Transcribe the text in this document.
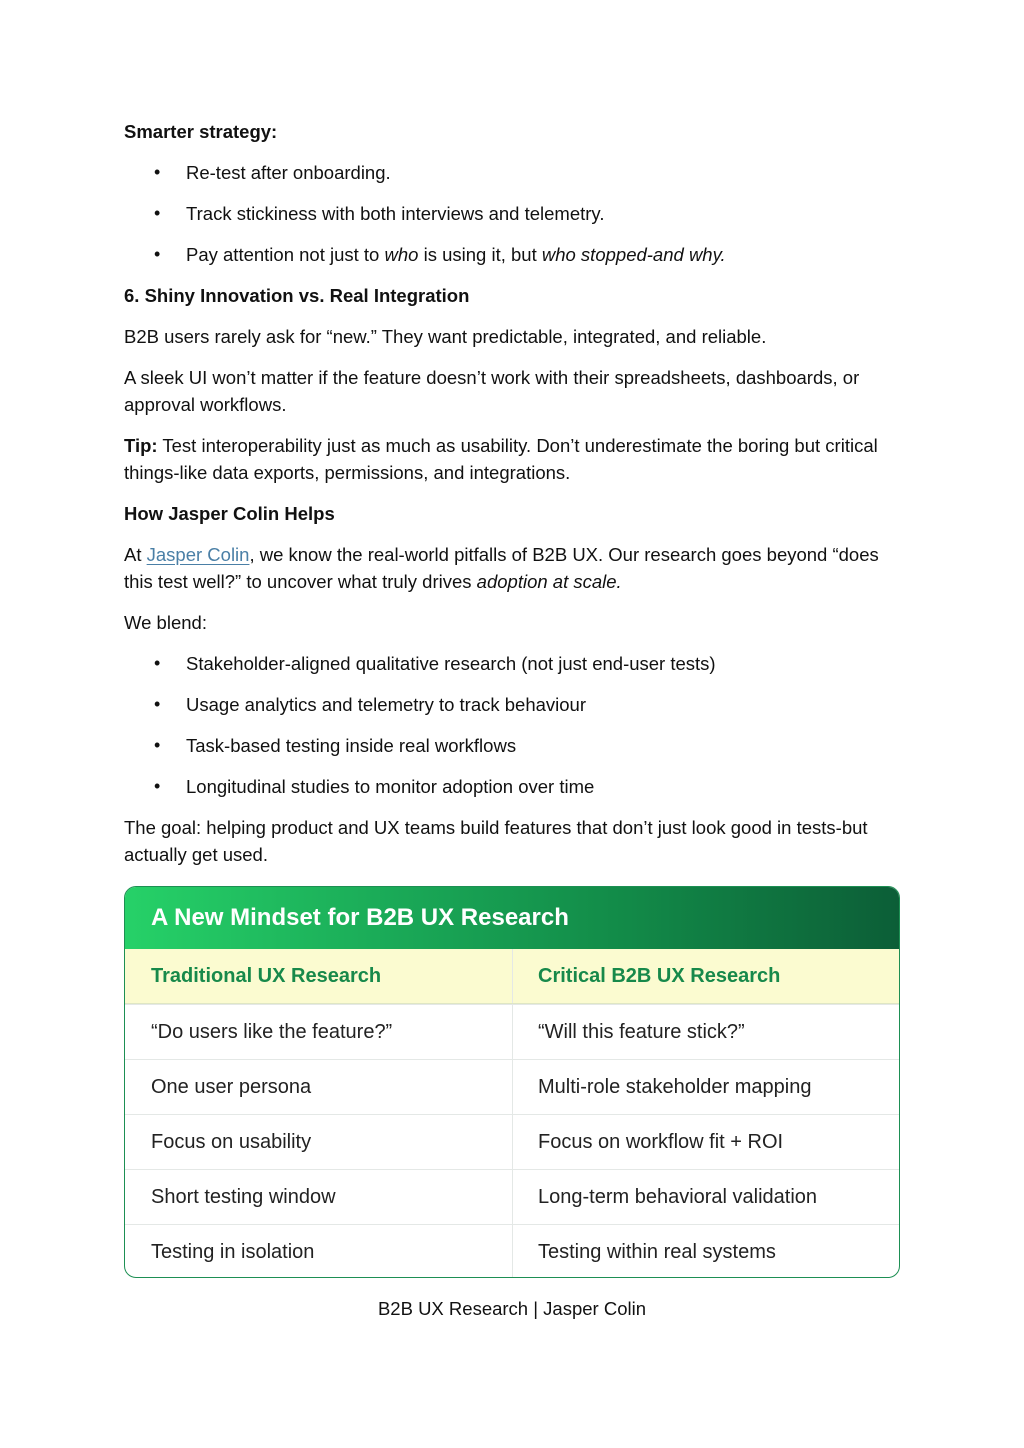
Smarter strategy:

• Re-test after onboarding.
• Track stickiness with both interviews and telemetry.
• Pay attention not just to who is using it, but who stopped-and why.

6. Shiny Innovation vs. Real Integration

B2B users rarely ask for “new.” They want predictable, integrated, and reliable.

A sleek UI won’t matter if the feature doesn’t work with their spreadsheets, dashboards, or approval workflows.

Tip: Test interoperability just as much as usability. Don’t underestimate the boring but critical things-like data exports, permissions, and integrations.

How Jasper Colin Helps

At Jasper Colin, we know the real-world pitfalls of B2B UX. Our research goes beyond “does this test well?” to uncover what truly drives adoption at scale.

We blend:

• Stakeholder-aligned qualitative research (not just end-user tests)
• Usage analytics and telemetry to track behaviour
• Task-based testing inside real workflows
• Longitudinal studies to monitor adoption over time

The goal: helping product and UX teams build features that don’t just look good in tests-but actually get used.

A New Mindset for B2B UX Research
Traditional UX Research	Critical B2B UX Research
“Do users like the feature?”	“Will this feature stick?”
One user persona	Multi-role stakeholder mapping
Focus on usability	Focus on workflow fit + ROI
Short testing window	Long-term behavioral validation
Testing in isolation	Testing within real systems
B2B UX Research | Jasper Colin
